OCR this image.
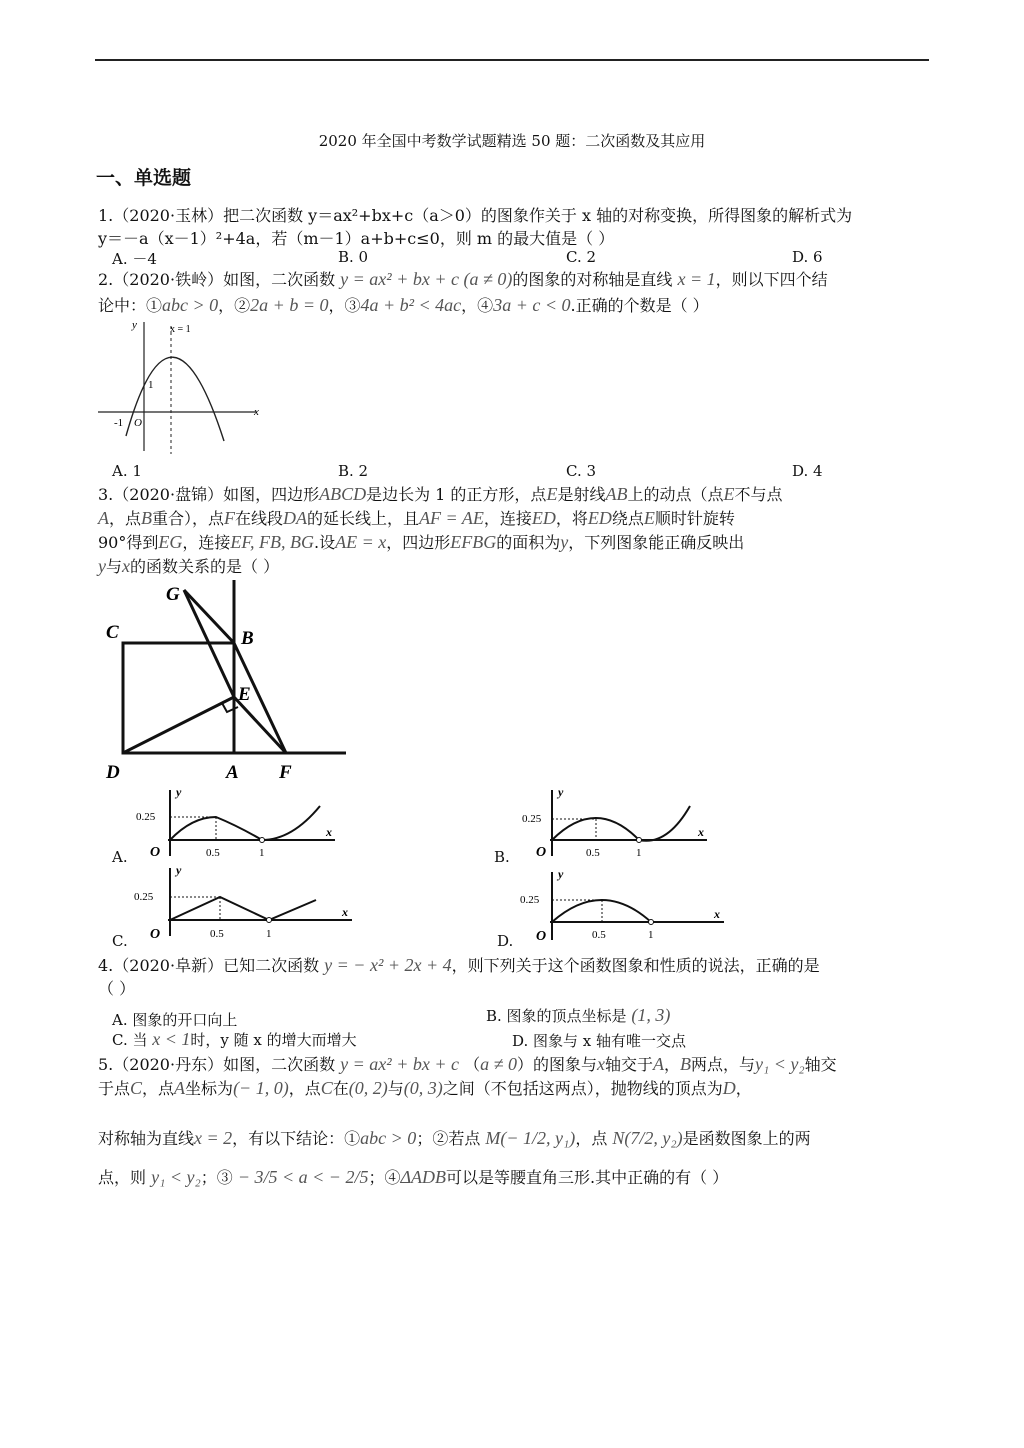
2020 年全国中考数学试题精选 50 题：二次函数及其应用
一、单选题
1.（2020·玉林）把二次函数 y＝ax²+bx+c（a＞0）的图象作关于 x 轴的对称变换，所得图象的解析式为
y＝－a（x－1）²+4a，若（m－1）a+b+c≤0，则 m 的最大值是（ ）
A. －4	B. 0	C. 2	D. 6
2.（2020·铁岭）如图，二次函数 y = ax² + bx + c (a ≠ 0)的图象的对称轴是直线 x = 1，则以下四个结
论中：①abc > 0，②2a + b = 0，③4a + b² < 4ac，④3a + c < 0.正确的个数是（ ）
x
y	x = 1
1
-1 O
A. 1	B. 2	C. 3	D. 4
3.（2020·盘锦）如图，四边形ABCD是边长为 1 的正方形，点E是射线AB上的动点（点E不与点
A，点B重合），点F在线段DA的延长线上，且AF = AE，连接ED，将ED绕点E顺时针旋转
90°得到EG，连接EF, FB, BG.设AE = x，四边形EFBG的面积为y，下列图象能正确反映出
y与x的函数关系的是（ ）
G
C	B
E
D	A F
A.
y
x
O
0.25
0.5	1	B.
y
x
O
0.25
0.5	1
C.
y
x
O
0.25
0.5	1	D.
y
x
O
0.25
0.5	1
4.（2020·阜新）已知二次函数 y = − x² + 2x + 4，则下列关于这个函数图象和性质的说法，正确的是
（ ）
A. 图象的开口向上	B. 图象的顶点坐标是 (1, 3)
C. 当 x < 1时，y 随 x 的增大而增大	D. 图象与 x 轴有唯一交点
5.（2020·丹东）如图，二次函数 y = ax² + bx + c （a ≠ 0）的图象与x轴交于A，B两点，与y₁ < y₂轴交
于点C，点A坐标为(− 1, 0)，点C在(0, 2)与(0, 3)之间（不包括这两点），抛物线的顶点为D，
对称轴为直线x = 2，有以下结论：①abc > 0；②若点 M(− 1/2, y₁)，点 N(7/2, y₂)是函数图象上的两
点，则 y₁ < y₂；③ − 3/5 < a < − 2/5；④ΔADB可以是等腰直角三形.其中正确的有（ ）
